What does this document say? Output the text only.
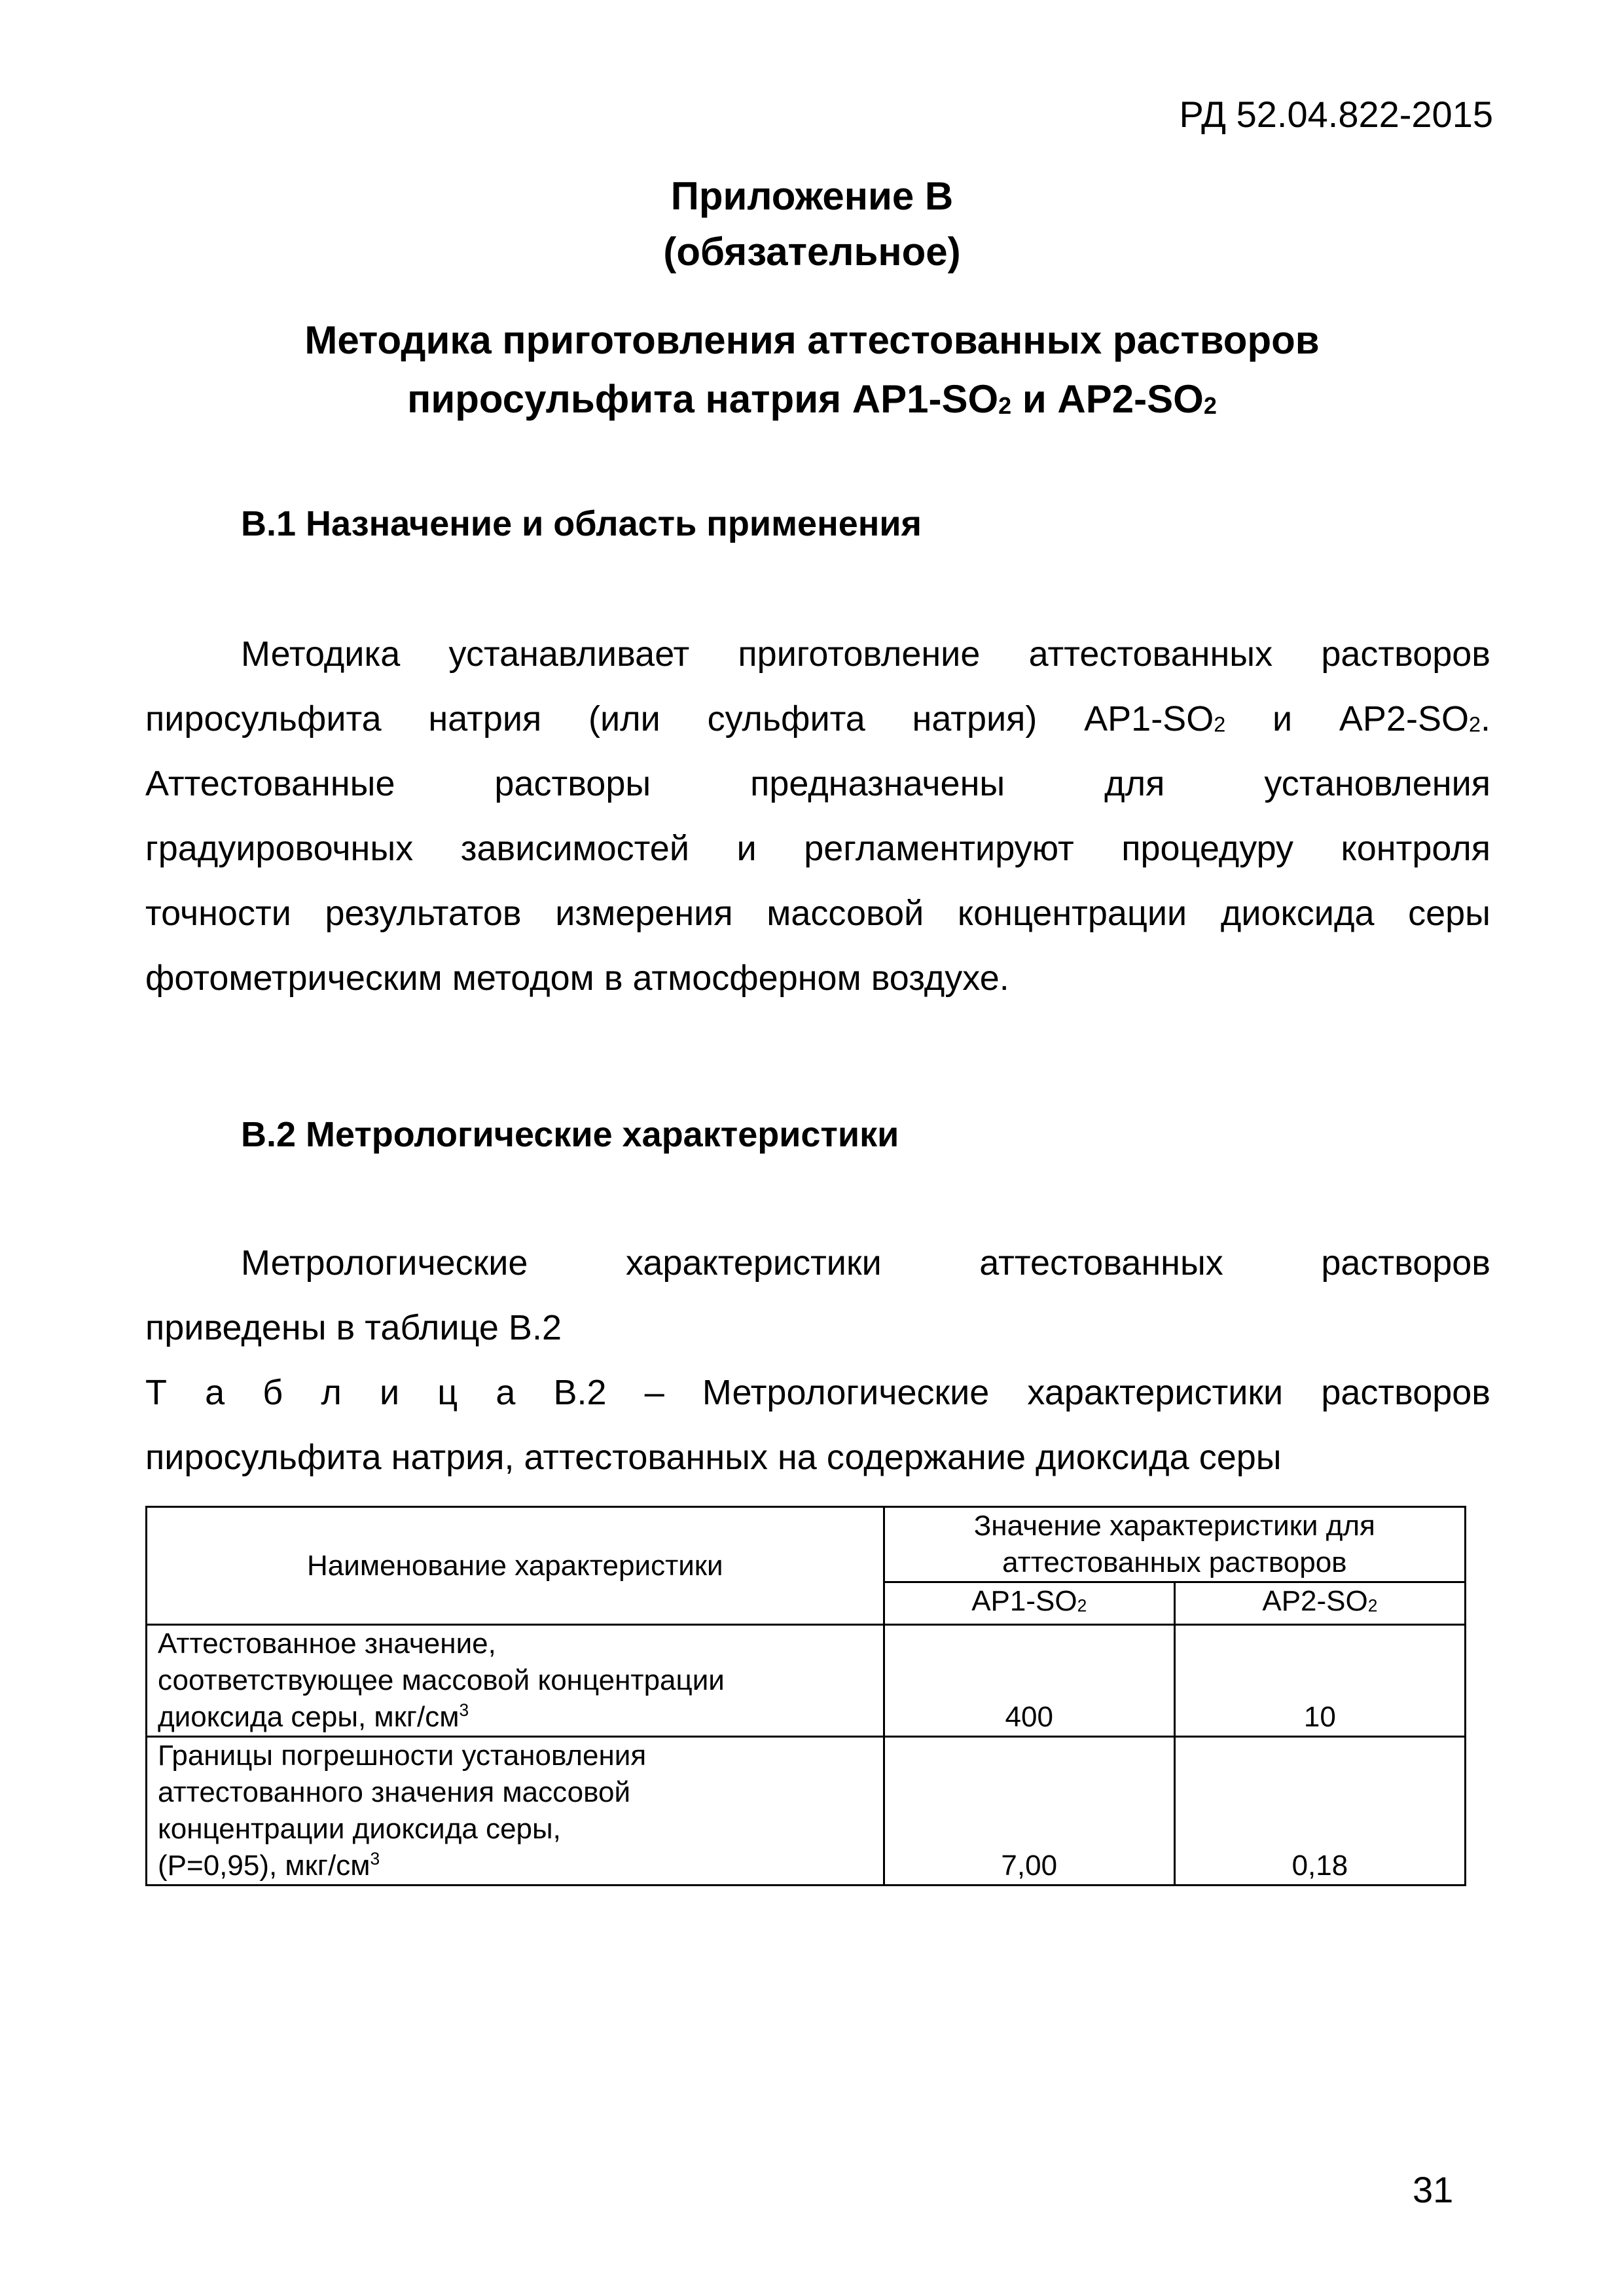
РД 52.04.822-2015
Приложение В
(обязательное)
Методика приготовления аттестованных растворов
пиросульфита натрия АР1-SO2 и АР2-SO2
В.1 Назначение и область применения
Методика устанавливает приготовление аттестованных растворов
пиросульфита натрия (или сульфита натрия) АР1-SO2 и АР2-SO2.
Аттестованные растворы предназначены для установления
градуировочных зависимостей и регламентируют процедуру контроля
точности результатов измерения массовой концентрации диоксида серы
фотометрическим методом в атмосферном воздухе.
В.2 Метрологические характеристики
Метрологические характеристики аттестованных растворов
приведены в таблице В.2
Т а б л и ц а В.2 – Метрологические характеристики растворов
пиросульфита натрия, аттестованных на содержание диоксида серы
Наименование характеристики	Значение характеристики для
аттестованных растворов	

	АР1-SO2	АР2-SO2

Аттестованное значение,
соответствующее массовой концентрации
диоксида серы, мкг/$см^3$	400	10

Границы погрешности установления
аттестованного значения массовой
концентрации диоксида серы,
(Р=0,95), мкг/$см^3$	7,00	0,18
31
